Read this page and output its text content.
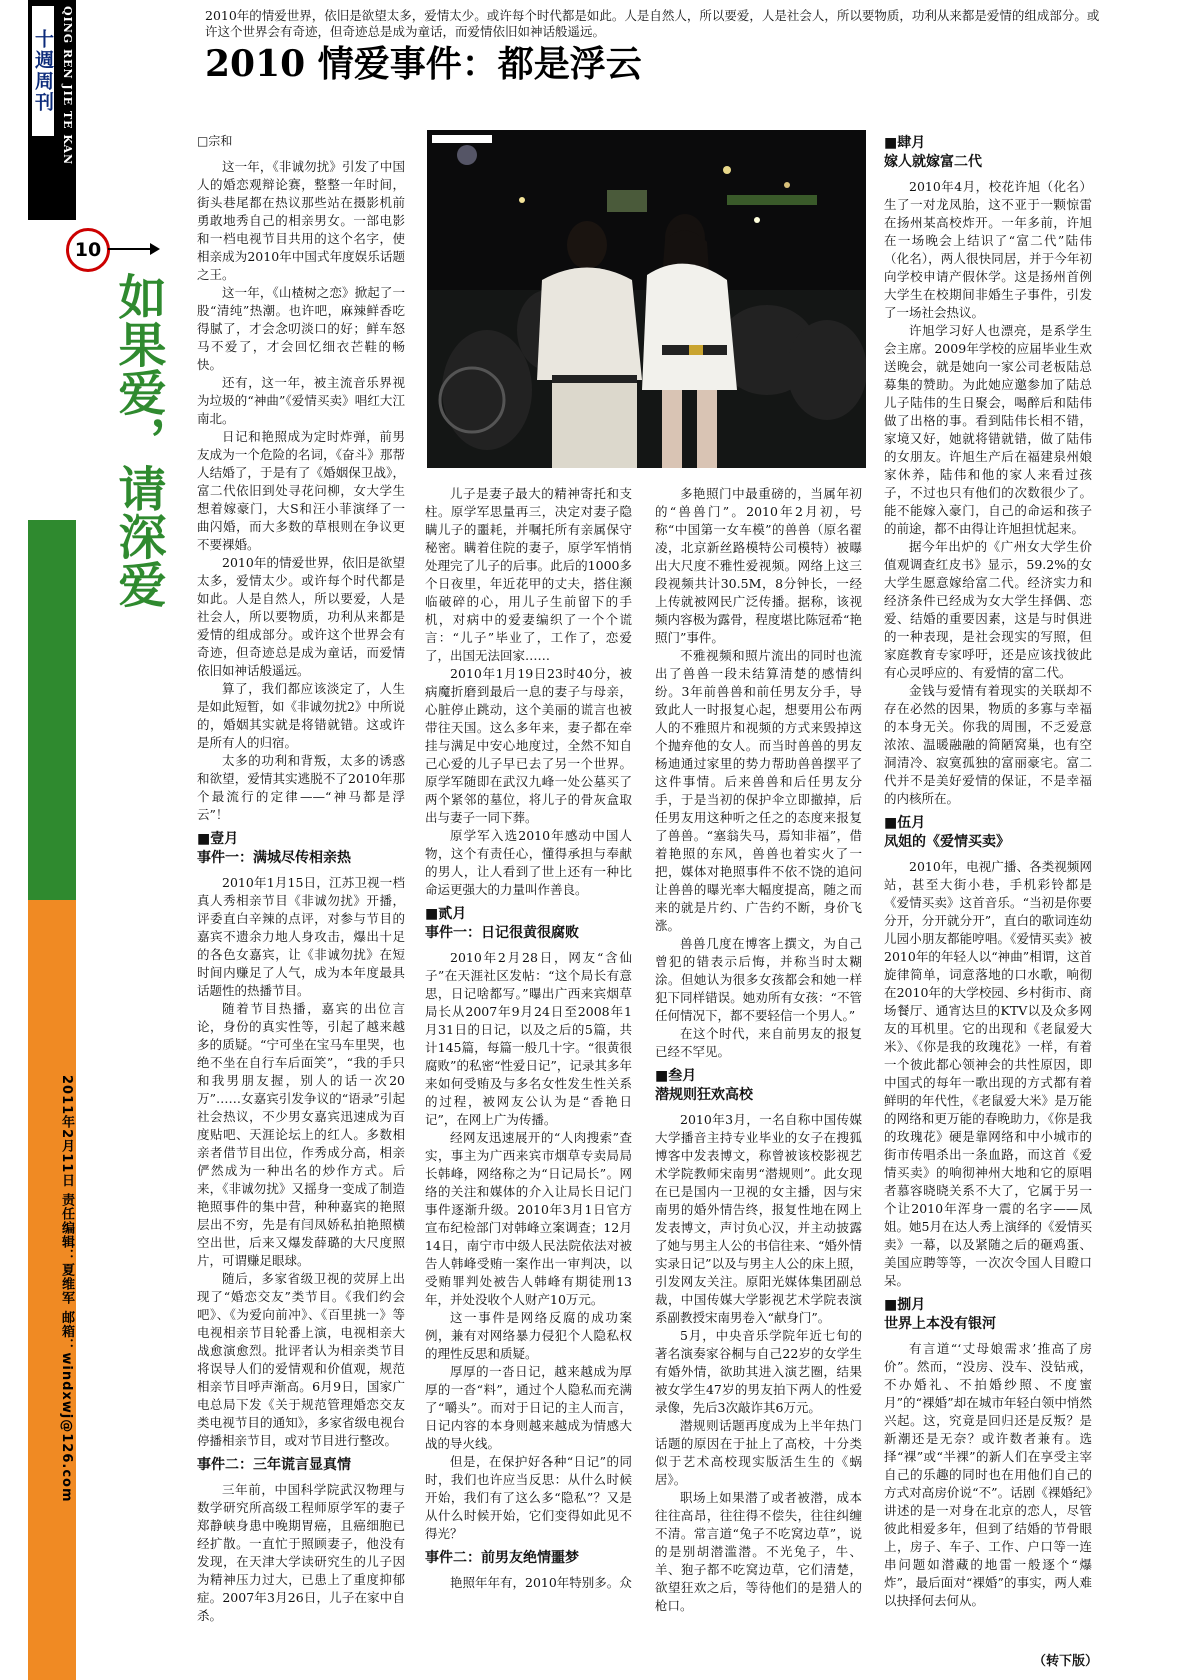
十週周刊 QING REN JIE TE KAN
2011年2月11日 责任编辑：夏维军 邮箱：windxwj@126.com
10
如果爱，请深爱
2010年的情爱世界，依旧是欲望太多，爱情太少。或许每个时代都是如此。人是自然人，所以要爱，人是社会人，所以要物质，功利从来都是爱情的组成部分。或许这个世界会有奇迹，但奇迹总是成为童话，而爱情依旧如神话般遥远。
2010 情爱事件：都是浮云
□宗和

这一年，《非诚勿扰》引发了中国人的婚恋观辩论赛，整整一年时间，街头巷尾都在热议那些站在摄影机前勇敢地秀自己的相亲男女。一部电影和一档电视节目共用的这个名字，使相亲成为2010年中国式年度娱乐话题之王。

这一年，《山楂树之恋》掀起了一股“清纯”热潮。也许吧，麻辣鲜香吃得腻了，才会念叨淡口的好；鲜车怒马不爱了，才会回忆细衣芒鞋的畅快。

还有，这一年，被主流音乐界视为垃圾的“神曲”《爱情买卖》唱红大江南北。

日记和艳照成为定时炸弹，前男友成为一个危险的名词，《奋斗》那帮人结婚了，于是有了《婚姻保卫战》，富二代依旧到处寻花问柳，女大学生想着嫁豪门，大S和汪小菲演绎了一曲闪婚，而大多数的草根则在争议更不要裸婚。

2010年的情爱世界，依旧是欲望太多，爱情太少。或许每个时代都是如此。人是自然人，所以要爱，人是社会人，所以要物质，功利从来都是爱情的组成部分。或许这个世界会有奇迹，但奇迹总是成为童话，而爱情依旧如神话般遥远。

算了，我们都应该淡定了，人生是如此短暂，如《非诚勿扰2》中所说的，婚姻其实就是将错就错。这或许是所有人的归宿。

太多的功利和背叛，太多的诱惑和欲望，爱情其实逃脱不了2010年那个最流行的定律——“神马都是浮云”！

■壹月
事件一：满城尽传相亲热

2010年1月15日，江苏卫视一档真人秀相亲节目《非诚勿扰》开播，评委直白辛辣的点评，对参与节目的嘉宾不遗余力地人身攻击，爆出十足的各色女嘉宾，让《非诚勿扰》在短时间内赚足了人气，成为本年度最具话题性的热播节目。

随着节目热播，嘉宾的出位言论，身份的真实性等，引起了越来越多的质疑。“宁可坐在宝马车里哭，也绝不坐在自行车后面笑”，“我的手只和我男朋友握，别人的话一次20万”……女嘉宾引发争议的“语录”引起社会热议，不少男女嘉宾迅速成为百度贴吧、天涯论坛上的红人。多数相亲者借节目出位，作秀成分高，相亲俨然成为一种出名的炒作方式。后来，《非诚勿扰》又摇身一变成了制造艳照事件的集中营，种种嘉宾的艳照层出不穷，先是有闫凤娇私拍艳照横空出世，后来又爆发薛璐的大尺度照片，可谓赚足眼球。

随后，多家省级卫视的荧屏上出现了“婚恋交友”类节目。《我们约会吧》、《为爱向前冲》、《百里挑一》等电视相亲节目轮番上演，电视相亲大战愈演愈烈。批评者认为相亲类节目将误导人们的爱情观和价值观，规范相亲节目呼声渐高。6月9日，国家广电总局下发《关于规范管理婚恋交友类电视节目的通知》，多家省级电视台停播相亲节目，或对节目进行整改。

事件二：三年谎言显真情

三年前，中国科学院武汉物理与数学研究所高级工程师原学军的妻子郑静峡身患中晚期胃癌，且癌细胞已经扩散。一直忙于照顾妻子，他没有发现，在天津大学读研究生的儿子因为精神压力过大，已患上了重度抑郁症。2007年3月26日，儿子在家中自杀。

儿子是妻子最大的精神寄托和支柱。原学军思量再三，决定对妻子隐瞒儿子的噩耗，并嘱托所有亲属保守秘密。瞒着住院的妻子，原学军悄悄处理完了儿子的后事。此后的1000多个日夜里，年近花甲的丈夫，搭住濒临破碎的心，用儿子生前留下的手机，对病中的爱妻编织了一个个谎言：“儿子”毕业了，工作了，恋爱了，出国无法回家……

2010年1月19日23时40分，被病魔折磨到最后一息的妻子与母亲，心脏停止跳动，这个美丽的谎言也被带往天国。这么多年来，妻子都在牵挂与满足中安心地度过，全然不知自己心爱的儿子早已去了另一个世界。原学军随即在武汉九峰一处公墓买了两个紧邻的墓位，将儿子的骨灰盒取出与妻子一同下葬。

原学军入选2010年感动中国人物，这个有责任心，懂得承担与奉献的男人，让人看到了世上还有一种比命运更强大的力量叫作善良。

■贰月
事件一：日记很黄很腐败

2010年2月28日，网友“含仙子”在天涯社区发帖：“这个局长有意思，日记啥都写。”曝出广西来宾烟草局长从2007年9月24日至2008年1月31日的日记，以及之后的5篇，共计145篇，每篇一般几十字。“很黄很腐败”的私密“性爱日记”，记录其多年来如何受贿及与多名女性发生性关系的过程，被网友公认为是“香艳日记”，在网上广为传播。

经网友迅速展开的“人肉搜索”查实，事主为广西来宾市烟草专卖局局长韩峰，网络称之为“日记局长”。网络的关注和媒体的介入让局长日记门事件逐渐升级。2010年3月1日官方宣布纪检部门对韩峰立案调查；12月14日，南宁市中级人民法院依法对被告人韩峰受贿一案作出一审判决，以受贿罪判处被告人韩峰有期徒刑13年，并处没收个人财产10万元。

这一事件是网络反腐的成功案例，兼有对网络暴力侵犯个人隐私权的理性反思和质疑。

厚厚的一沓日记，越来越成为厚厚的一沓“料”，通过个人隐私而充满了“嚼头”。而对于日记的主人而言，日记内容的本身则越来越成为情感大战的导火线。

但是，在保护好各种“日记”的同时，我们也许应当反思：从什么时候开始，我们有了这么多“隐私”？又是从什么时候开始，它们变得如此见不得光？

事件二：前男友绝情噩梦

艳照年年有，2010年特别多。众

多艳照门中最重磅的，当属年初的“兽兽门”。2010年2月初，号称“中国第一女车模”的兽兽（原名翟凌，北京新丝路模特公司模特）被曝出大尺度不雅性爱视频。网络上这三段视频共计30.5M，8分钟长，一经上传就被网民广泛传播。据称，该视频内容极为露骨，程度堪比陈冠希“艳照门”事件。

不雅视频和照片流出的同时也流出了兽兽一段未结算清楚的感情纠纷。3年前兽兽和前任男友分手，导致此人一时报复心起，想要用公布两人的不雅照片和视频的方式来毁掉这个抛弃他的女人。而当时兽兽的男友杨迪通过家里的势力帮助兽兽摆平了这件事情。后来兽兽和后任男友分手，于是当初的保护伞立即撤掉，后任男友用这种听之任之的态度来报复了兽兽。“塞翁失马，焉知非福”，借着艳照的东风，兽兽也着实火了一把，媒体对艳照事件不依不饶的追问让兽兽的曝光率大幅度提高，随之而来的就是片约、广告约不断，身价飞涨。

兽兽几度在博客上撰文，为自己曾犯的错表示后悔，并称当时太糊涂。但她认为很多女孩都会和她一样犯下同样错误。她劝所有女孩：“不管任何情况下，都不要轻信一个男人。”

在这个时代，来自前男友的报复已经不罕见。

■叁月
潜规则狂欢高校

2010年3月，一名自称中国传媒大学播音主持专业毕业的女子在搜狐博客中发表博文，称曾被该校影视艺术学院教师宋南男“潜规则”。此女现在已是国内一卫视的女主播，因与宋南男的婚外情告终，报复性地在网上发表博文，声讨负心汉，并主动披露了她与男主人公的书信往来、“婚外情实录日记”以及与男主人公的床上照，引发网友关注。原阳光媒体集团副总裁，中国传媒大学影视艺术学院表演系副教授宋南男卷入“献身门”。

5月，中央音乐学院年近七旬的著名演奏家谷桐与自己22岁的女学生有婚外情，欲助其进入演艺圈，结果被女学生47岁的男友拍下两人的性爱录像，先后3次敲诈其6万元。

潜规则话题再度成为上半年热门话题的原因在于扯上了高校，十分类似于艺术高校现实版活生生的《蜗居》。

职场上如果潜了或者被潜，成本往往高昂，往往得不偿失，往往纠缠不清。常言道“兔子不吃窝边草”，说的是别胡潜滥潜。不光兔子，牛、羊、狍子都不吃窝边草，它们清楚，欲望狂欢之后，等待他们的是猎人的枪口。

■肆月
嫁人就嫁富二代

2010年4月，校花许旭（化名）生了一对龙凤胎，这不亚于一颗惊雷在扬州某高校炸开。一年多前，许旭在一场晚会上结识了“富二代”陆伟（化名），两人很快同居，并于今年初向学校申请产假休学。这是扬州首例大学生在校期间非婚生子事件，引发了一场社会热议。

许旭学习好人也漂亮，是系学生会主席。2009年学校的应届毕业生欢送晚会，就是她向一家公司老板陆总募集的赞助。为此她应邀参加了陆总儿子陆伟的生日聚会，喝醉后和陆伟做了出格的事。看到陆伟长相不错，家境又好，她就将错就错，做了陆伟的女朋友。许旭生产后在福建泉州娘家休养，陆伟和他的家人来看过孩子，不过也只有他们的次数很少了。能不能嫁入豪门，自己的命运和孩子的前途，都不由得让许旭担忧起来。

据今年出炉的《广州女大学生价值观调查红皮书》显示，59.2%的女大学生愿意嫁给富二代。经济实力和经济条件已经成为女大学生择偶、恋爱、结婚的重要因素，这是与时俱进的一种表现，是社会现实的写照，但家庭教育专家呼吁，还是应该找彼此有心灵呼应的、有爱情的富二代。

金钱与爱情有着现实的关联却不存在必然的因果，物质的多寡与幸福的本身无关。你我的周围，不乏爱意浓浓、温暖融融的简陋窝巢，也有空洞清冷、寂寞孤独的富丽豪宅。富二代并不是美好爱情的保证，不是幸福的内核所在。

■伍月
凤姐的《爱情买卖》

2010年，电视广播、各类视频网站，甚至大街小巷，手机彩铃都是《爱情买卖》这首音乐。“当初是你要分开，分开就分开”，直白的歌词连幼儿园小朋友都能哼唱。《爱情买卖》被2010年的年轻人以“神曲”相谓，这首旋律简单，词意落地的口水歌，响彻在2010年的大学校园、乡村街市、商场餐厅、通宵达旦的KTV以及众多网友的耳机里。它的出现和《老鼠爱大米》、《你是我的玫瑰花》一样，有着一个彼此都心领神会的共性原因，即中国式的每年一歌出现的方式都有着鲜明的年代性，《老鼠爱大米》是万能的网络和更万能的春晚助力，《你是我的玫瑰花》硬是靠网络和中小城市的街市传唱杀出一条血路，而这首《爱情买卖》的响彻神州大地和它的原唱者慕容晓晓关系不大了，它属于另一个让2010年浑身一震的名字——凤姐。她5月在达人秀上演绎的《爱情买卖》一幕，以及紧随之后的砸鸡蛋、美国应聘等等，一次次令国人目瞪口呆。

■捌月
世界上本没有银河

有言道“‘丈母娘需求’推高了房价”。然而，“没房、没车、没钻戒，不办婚礼、不拍婚纱照、不度蜜月”的“裸婚”却在城市年轻白领中悄然兴起。这，究竟是回归还是反叛？是新潮还是无奈？或许数者兼有。选择“裸”或“半裸”的新人们在享受主宰自己的乐趣的同时也在用他们自己的方式对高房价说“不”。话剧《裸婚纪》讲述的是一对身在北京的恋人，尽管彼此相爱多年，但到了结婚的节骨眼上，房子、车子、工作、户口等一连串问题如潜藏的地雷一般逐个“爆炸”，最后面对“裸婚”的事实，两人难以抉择何去何从。

（转下版）
